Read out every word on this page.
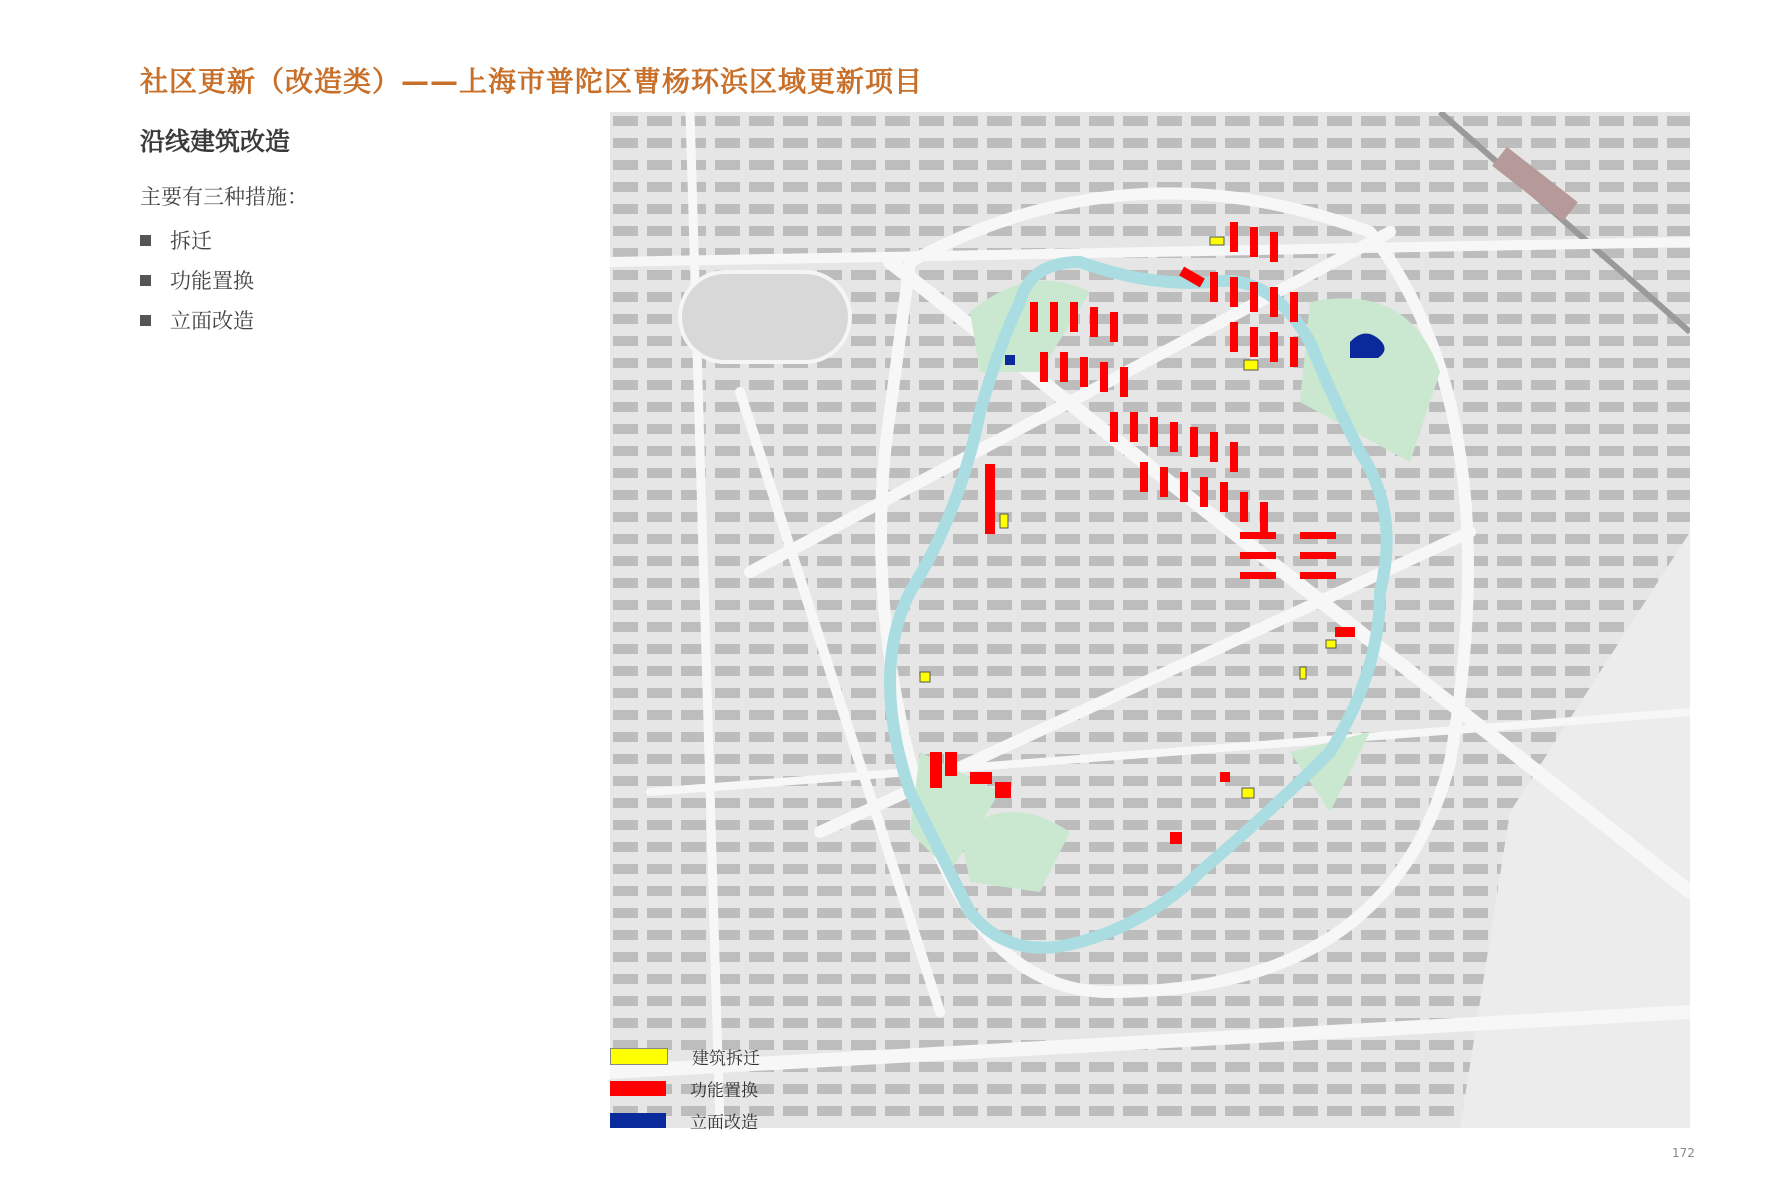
社区更新（改造类）——上海市普陀区曹杨环浜区域更新项目
沿线建筑改造
主要有三种措施：
拆迁
功能置换
立面改造
建筑拆迁
功能置换
立面改造
172
